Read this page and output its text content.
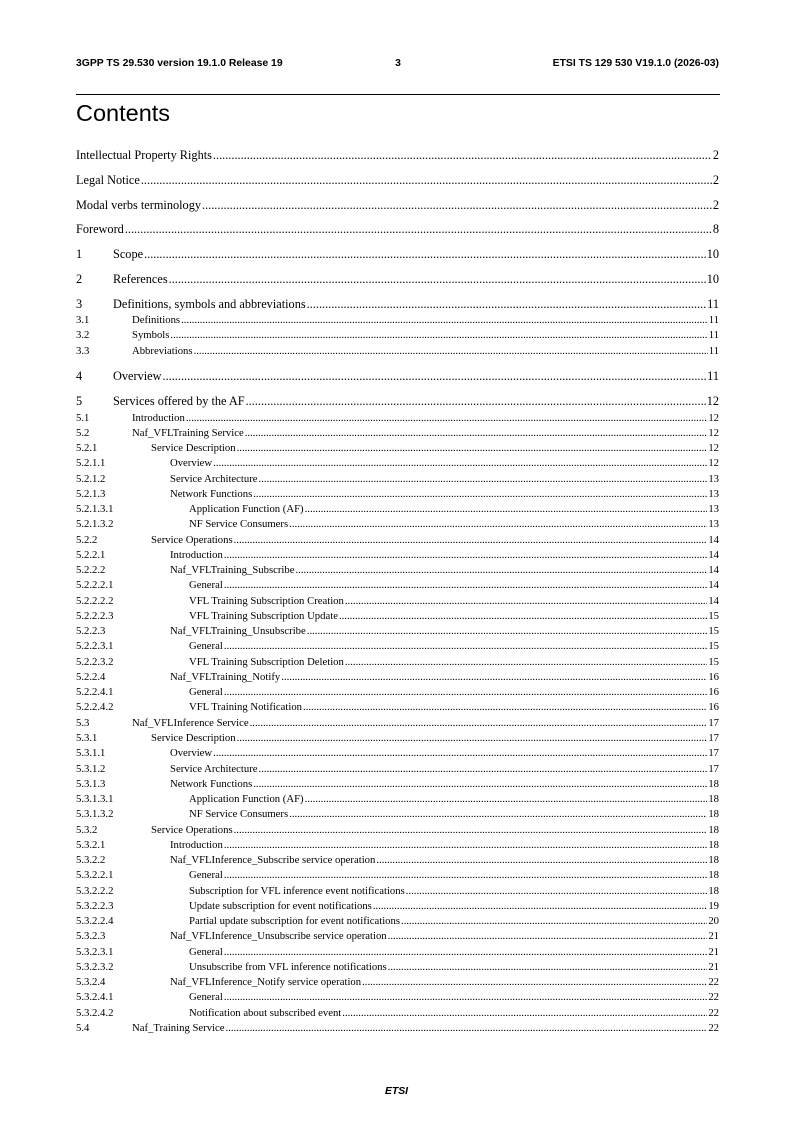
3GPP TS 29.530 version 19.1.0 Release 19	3	ETSI TS 129 530 V19.1.0 (2026-03)
Contents
Intellectual Property Rights .....	2
Legal Notice .....	2
Modal verbs terminology .....	2
Foreword .....	8
1	Scope .....	10
2	References .....	10
3	Definitions, symbols and abbreviations .....	11
3.1	Definitions .....	11
3.2	Symbols .....	11
3.3	Abbreviations .....	11
4	Overview .....	11
5	Services offered by the AF .....	12
5.1	Introduction .....	12
5.2	Naf_VFLTraining Service .....	12
5.2.1	Service Description .....	12
5.2.1.1	Overview .....	12
5.2.1.2	Service Architecture .....	13
5.2.1.3	Network Functions .....	13
5.2.1.3.1	Application Function (AF) .....	13
5.2.1.3.2	NF Service Consumers .....	13
5.2.2	Service Operations .....	14
5.2.2.1	Introduction .....	14
5.2.2.2	Naf_VFLTraining_Subscribe .....	14
5.2.2.2.1	General .....	14
5.2.2.2.2	VFL Training Subscription Creation .....	14
5.2.2.2.3	VFL Training Subscription Update .....	15
5.2.2.3	Naf_VFLTraining_Unsubscribe .....	15
5.2.2.3.1	General .....	15
5.2.2.3.2	VFL Training Subscription Deletion .....	15
5.2.2.4	Naf_VFLTraining_Notify .....	16
5.2.2.4.1	General .....	16
5.2.2.4.2	VFL Training Notification .....	16
5.3	Naf_VFLInference Service .....	17
5.3.1	Service Description .....	17
5.3.1.1	Overview .....	17
5.3.1.2	Service Architecture .....	17
5.3.1.3	Network Functions .....	18
5.3.1.3.1	Application Function (AF) .....	18
5.3.1.3.2	NF Service Consumers .....	18
5.3.2	Service Operations .....	18
5.3.2.1	Introduction .....	18
5.3.2.2	Naf_VFLInference_Subscribe service operation .....	18
5.3.2.2.1	General .....	18
5.3.2.2.2	Subscription for VFL inference event notifications .....	18
5.3.2.2.3	Update subscription for event notifications .....	19
5.3.2.2.4	Partial update subscription for event notifications .....	20
5.3.2.3	Naf_VFLInference_Unsubscribe service operation .....	21
5.3.2.3.1	General .....	21
5.3.2.3.2	Unsubscribe from VFL inference notifications .....	21
5.3.2.4	Naf_VFLInference_Notify service operation .....	22
5.3.2.4.1	General .....	22
5.3.2.4.2	Notification about subscribed event .....	22
5.4	Naf_Training Service .....	22
ETSI
